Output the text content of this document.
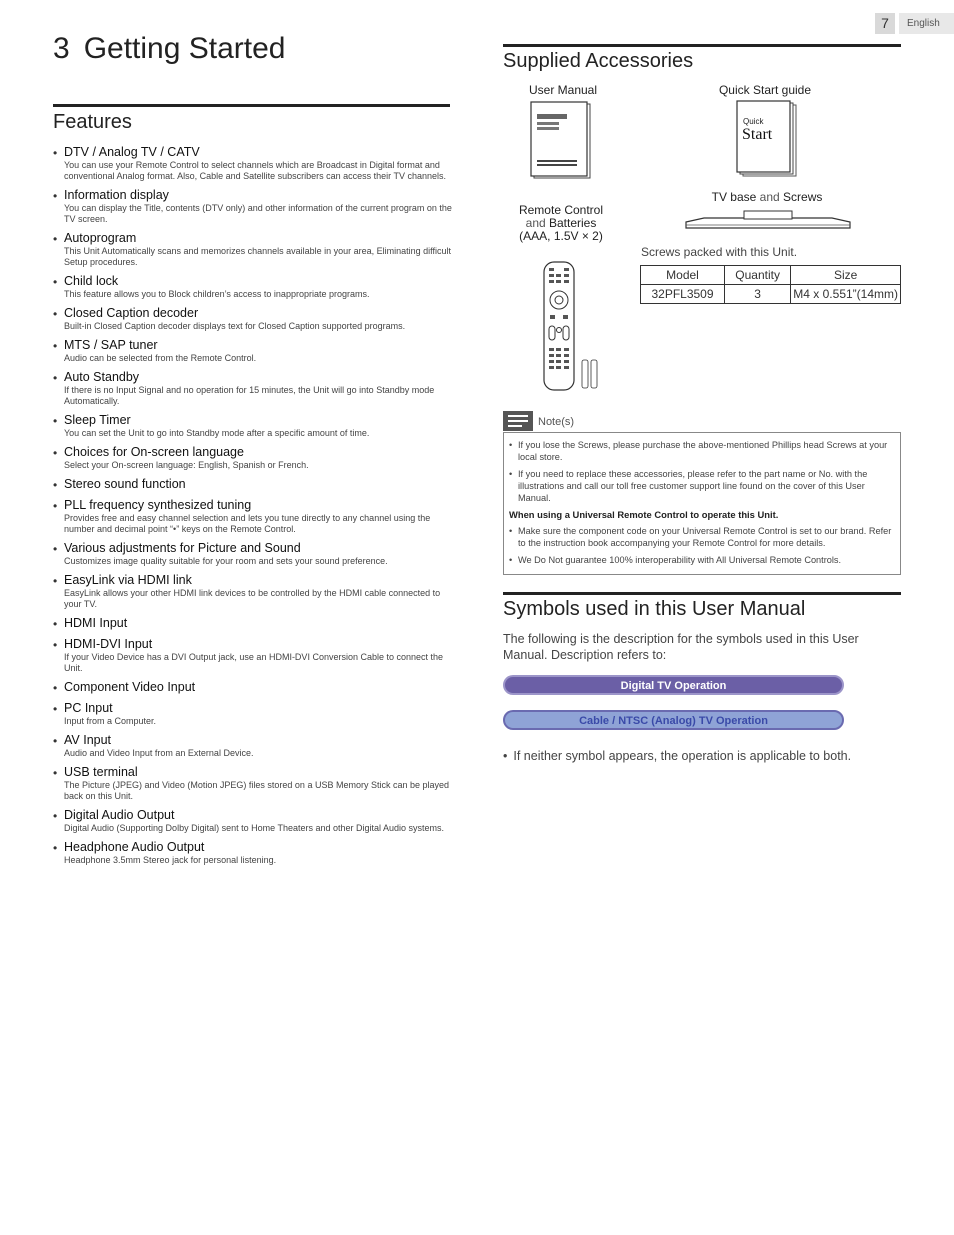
7	English
3 Getting Started
Features
• DTV / Analog TV / CATV
You can use your Remote Control to select channels which are Broadcast in Digital format and conventional Analog format. Also, Cable and Satellite subscribers can access their TV channels.
• Information display
You can display the Title, contents (DTV only) and other information of the current program on the TV screen.
• Autoprogram
This Unit Automatically scans and memorizes channels available in your area, Eliminating difficult Setup procedures.
• Child lock
This feature allows you to Block children’s access to inappropriate programs.
• Closed Caption decoder
Built-in Closed Caption decoder displays text for Closed Caption supported programs.
• MTS / SAP tuner
Audio can be selected from the Remote Control.
• Auto Standby
If there is no Input Signal and no operation for 15 minutes, the Unit will go into Standby mode Automatically.
• Sleep Timer
You can set the Unit to go into Standby mode after a specific amount of time.
• Choices for On-screen language
Select your On-screen language: English, Spanish or French.
• Stereo sound function
• PLL frequency synthesized tuning
Provides free and easy channel selection and lets you tune directly to any channel using the number and decimal point “•” keys on the Remote Control.
• Various adjustments for Picture and Sound
Customizes image quality suitable for your room and sets your sound preference.
• EasyLink via HDMI link
EasyLink allows your other HDMI link devices to be controlled by the HDMI cable connected to your TV.
• HDMI Input
• HDMI-DVI Input
If your Video Device has a DVI Output jack, use an HDMI-DVI Conversion Cable to connect the Unit.
• Component Video Input
• PC Input
Input from a Computer.
• AV Input
Audio and Video Input from an External Device.
• USB terminal
The Picture (JPEG) and Video (Motion JPEG) files stored on a USB Memory Stick can be played back on this Unit.
• Digital Audio Output
Digital Audio (Supporting Dolby Digital) sent to Home Theaters and other Digital Audio systems.
• Headphone Audio Output
Headphone 3.5mm Stereo jack for personal listening.
Supplied Accessories
User Manual	Quick Start guide
Quick
Start
TV base and Screws
Remote Control
and Batteries
(AAA, 1.5V × 2)
Screws packed with this Unit.
Model	Quantity	Size
32PFL3509	3	M4 x 0.551”(14mm)
Note(s)
• If you lose the Screws, please purchase the above-mentioned Phillips head Screws at your local store.
• If you need to replace these accessories, please refer to the part name or No. with the illustrations and call our toll free customer support line found on the cover of this User Manual.
When using a Universal Remote Control to operate this Unit.
• Make sure the component code on your Universal Remote Control is set to our brand. Refer to the instruction book accompanying your Remote Control for more details.
• We Do Not guarantee 100% interoperability with All Universal Remote Controls.
Symbols used in this User Manual
The following is the description for the symbols used in this User Manual. Description refers to:
Digital TV Operation
Cable / NTSC (Analog) TV Operation
• If neither symbol appears, the operation is applicable to both.
